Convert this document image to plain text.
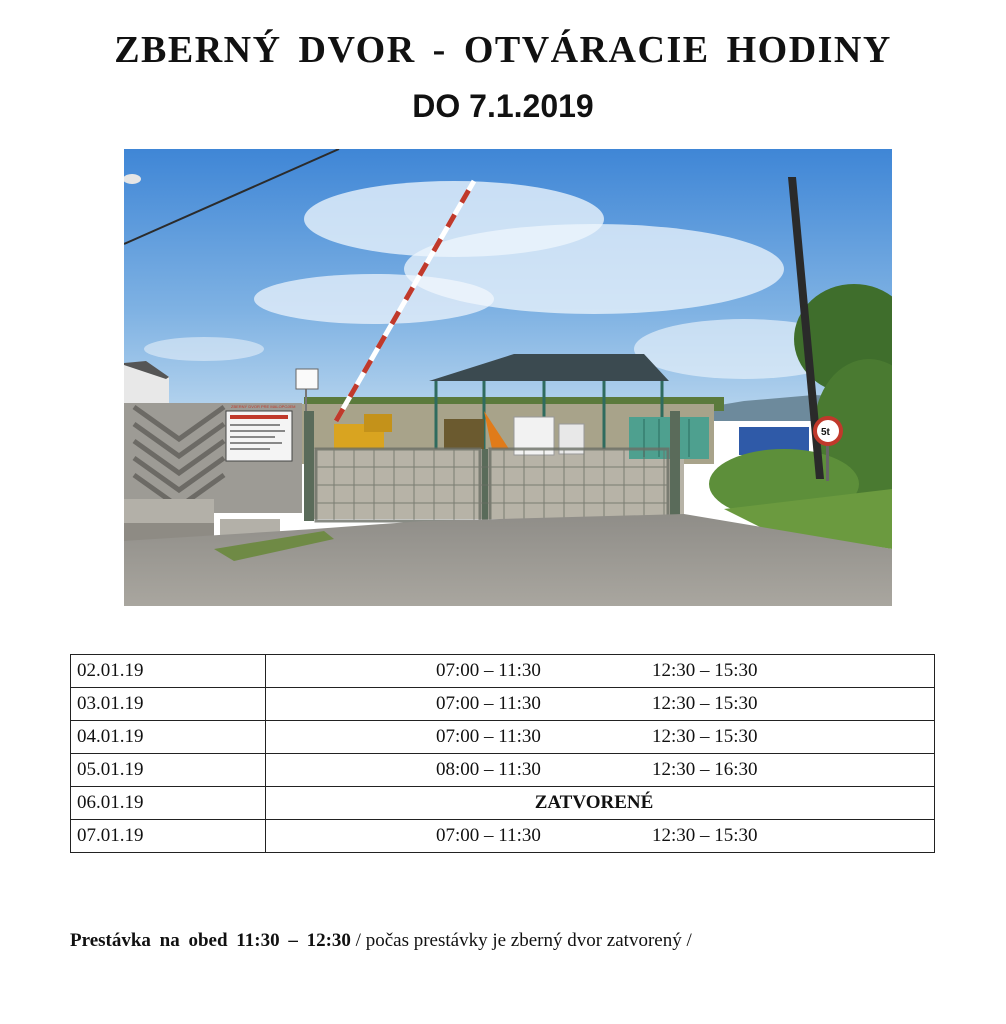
ZBERNÝ DVOR - OTVÁRACIE HODINY
DO 7.1.2019
ZBERNÝ DVOR PRE MALOPOJEM
5t
02.01.19	07:00 – 11:30 12:30 – 15:30

03.01.19	07:00 – 11:30 12:30 – 15:30

04.01.19	07:00 – 11:30 12:30 – 15:30

05.01.19	08:00 – 11:30 12:30 – 16:30

06.01.19	ZATVORENÉ
07.01.19	07:00 – 11:30 12:30 – 15:30
Prestávka na obed 11:30 – 12:30 / počas prestávky je zberný dvor zatvorený /
